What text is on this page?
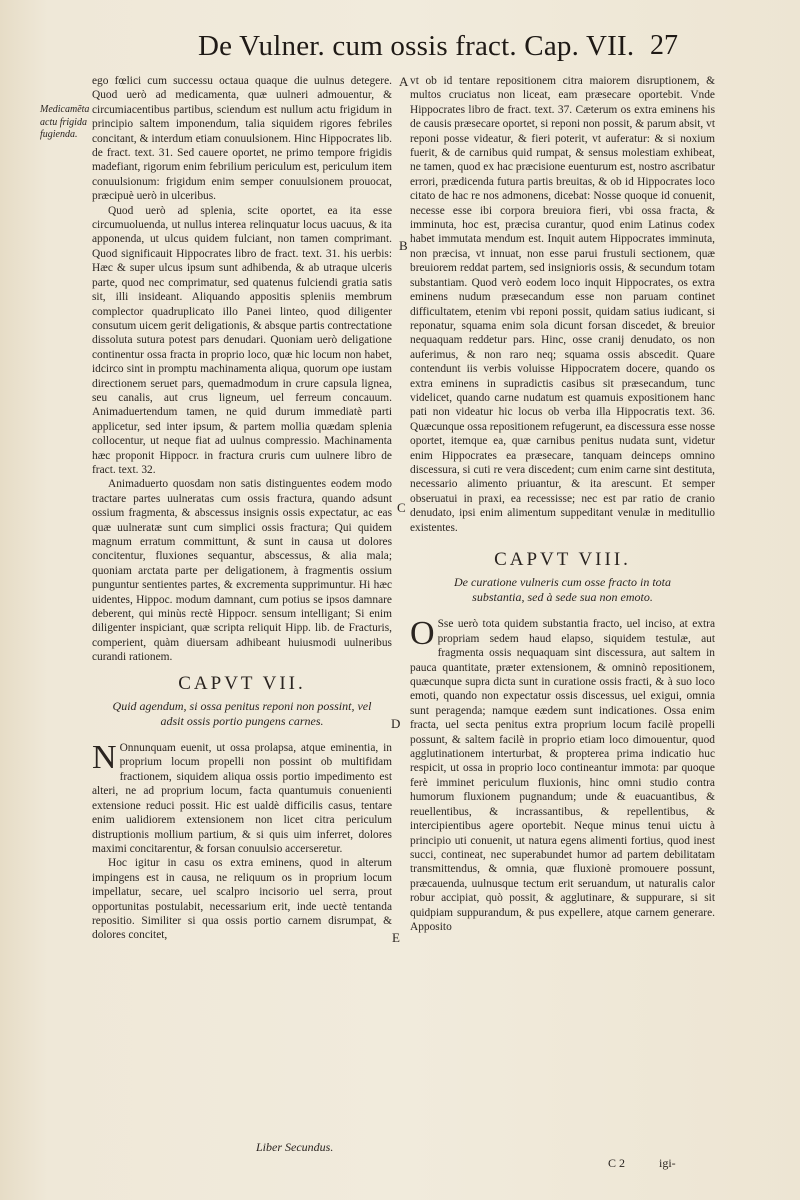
De Vulner. cum ossis fract. Cap. VII. 27
Medicamẽta actu frigida fugienda.
A
B
C
D
E

ego fœlici cum successu octaua quaque die uulnus detegere. Quod uerò ad medicamenta, quæ uulneri admouentur, & circumiacentibus partibus, sciendum est nullum actu frigidum in principio saltem imponendum, talia siquidem rigores febriles concitant, & interdum etiam conuulsionem. Hinc Hippocrates lib. de fract. text. 31. Sed cauere oportet, ne primo tempore frigidis madefiant, rigorum enim febrilium periculum est, periculum item conuulsionum: frigidum enim semper conuulsionem prouocat, præcipuè uerò in ulceribus.

Quod uerò ad splenia, scite oportet, ea ita esse circumuoluenda, ut nullus interea relinquatur locus uacuus, & ita apponenda, ut ulcus quidem fulciant, non tamen comprimant. Quod significauit Hippocrates libro de fract. text. 31. his uerbis: Hæc & super ulcus ipsum sunt adhibenda, & ab utraque ulceris parte, quod nec comprimatur, sed quatenus fulciendi gratia satis sit, illi insideant. Aliquando appositis spleniis membrum complector quadruplicato illo Panei linteo, quod diligenter consutum uicem gerit deligationis, & absque partis contrectatione dissoluta sutura potest pars denudari. Quoniam uerò deligatione continentur ossa fracta in proprio loco, quæ hic locum non habet, idcirco sint in promptu machinamenta aliqua, quorum ope iustam directionem seruet pars, quemadmodum in crure capsula lignea, seu canalis, aut crus ligneum, uel ferreum concauum. Animaduertendum tamen, ne quid durum immediatè parti applicetur, sed inter ipsum, & partem mollia quædam splenia collocentur, ut neque fiat ad uulnus compressio. Machinamenta hæc proponit Hippocr. in fractura cruris cum uulnere libro de fract. text. 32.

Animaduerto quosdam non satis distinguentes eodem modo tractare partes uulneratas cum ossis fractura, quando adsunt ossium fragmenta, & abscessus insignis ossis expectatur, ac eas quæ uulneratæ sunt cum simplici ossis fractura; Qui quidem magnum erratum committunt, & sunt in causa ut dolores concitentur, fluxiones sequantur, abscessus, & alia mala; quoniam arctata parte per deligationem, à fragmentis ossium punguntur sentientes partes, & excrementa supprimuntur. Hi hæc uidentes, Hippoc. modum damnant, cum potius se ipsos damnare deberent, qui minùs rectè Hippocr. sensum intelligant; Si enim diligenter inspiciant, quæ scripta reliquit Hipp. lib. de Fracturis, comperient, quàm diuersam adhibeant huiusmodi uulneribus curandi rationem.

CAPVT VII.
Quid agendum, si ossa penitus reponi non possint, vel adsit ossis portio pungens carnes.

N Onnunquam euenit, ut ossa prolapsa, atque eminentia, in proprium locum propelli non possint ob multifidam fractionem, siquidem aliqua ossis portio impedimento est alteri, ne ad proprium locum, facta quantumuis conuenienti extensione reduci possit. Hic est ualdè difficilis casus, tentare enim ualidiorem extensionem non licet citra periculum distruptionis mollium partium, & si quis uim inferret, dolores maximi concitarentur, & forsan conuulsio accerseretur.

Hoc igitur in casu os extra eminens, quod in alterum impingens est in causa, ne reliquum os in proprium locum impellatur, secare, uel scalpro incisorio uel serra, prout opportunitas postulabit, necessarium erit, inde uectè tentanda repositio. Similiter si qua ossis portio carnem disrumpat, & dolores concitet,

Liber Secundus.

vt ob id tentare repositionem citra maiorem disruptionem, & multos cruciatus non liceat, eam præsecare oportebit. Vnde Hippocrates libro de fract. text. 37. Cæterum os extra eminens his de causis præsecare oportet, si reponi non possit, & parum absit, vt reponi posse videatur, & fieri poterit, vt auferatur: & si noxium fuerit, & de carnibus quid rumpat, & sensus molestiam exhibeat, ne tamen, quod ex hac præcisione euenturum est, nostro ascribatur errori, prædicenda futura partis breuitas, & ob id Hippocrates loco citato de hac re nos admonens, dicebat: Nosse quoque id conuenit, necesse esse ibi corpora breuiora fieri, vbi ossa fracta, & imminuta, hoc est, præcisa curantur, quod enim Latinus codex habet immutata mendum est. Inquit autem Hippocrates imminuta, non præcisa, vt innuat, non esse parui frustuli sectionem, quæ breuiorem reddat partem, sed insignioris ossis, & secundum totam substantiam. Quod verò eodem loco inquit Hippocrates, os extra eminens nudum præsecandum esse non paruam continet difficultatem, etenim vbi reponi possit, quidam satius iudicant, si reponatur, squama enim sola dicunt forsan discedet, & breuior nequaquam reddetur pars. Hinc, osse cranij denudato, os non auferimus, & non raro neq; squama ossis abscedit. Quare contendunt iis verbis voluisse Hippocratem docere, quando os extra eminens in supradictis casibus sit præsecandum, tunc videlicet, quando carne nudatum est quamuis expositionem hanc pati non videatur hic locus ob verba illa Hippocratis text. 36. Quæcunque ossa repositionem refugerunt, ea discessura esse nosse oportet, itemque ea, quæ carnibus penitus nudata sunt, videtur enim Hippocrates ea præsecare, tanquam deinceps omnino discessura, si cuti re vera discedent; cum enim carne sint destituta, necessario alimento priuantur, & ita arescunt. Et semper obseruatui in praxi, ea recessisse; nec est par ratio de cranio denudato, ipsi enim alimentum suppeditant venulæ in meditullio existentes.

CAPVT VIII.
De curatione vulneris cum osse fracto in tota substantia, sed à sede sua non emoto.

O Sse uerò tota quidem substantia fracto, uel inciso, at extra propriam sedem haud elapso, siquidem testulæ, aut fragmenta ossis nequaquam sint discessura, aut saltem in pauca quantitate, præter extensionem, & omninò repositionem, quæcunque supra dicta sunt in curatione ossis fracti, & à suo loco emoti, quando non expectatur ossis discessus, uel exigui, omnia sunt peragenda; namque eædem sunt indicationes. Ossa enim fracta, uel secta penitus extra proprium locum facilè propelli possunt, & saltem facilè in proprio etiam loco dimouentur, quod agglutinationem interturbat, & propterea prima indicatio huc respicit, ut ossa in proprio loco contineantur immota: par quoque ferè imminet periculum fluxionis, hinc omni studio contra humorum fluxionem pugnandum; unde & euacuantibus, & reuellentibus, & incrassantibus, & repellentibus, & intercipientibus agere oportebit. Neque minus tenui uictu à principio uti conuenit, ut natura egens alimenti fortius, quod inest succi, contineat, nec superabundet humor ad partem debilitatam transmittendus, & omnia, quæ fluxionè promouere possunt, præcauenda, uulnusque tectum erit seruandum, ut naturalis calor robur accipiat, quò possit, & agglutinare, & suppurare, si sit quidpiam suppurandum, & pus expellere, atque carnem generare. Apposito

C 2	igi-
